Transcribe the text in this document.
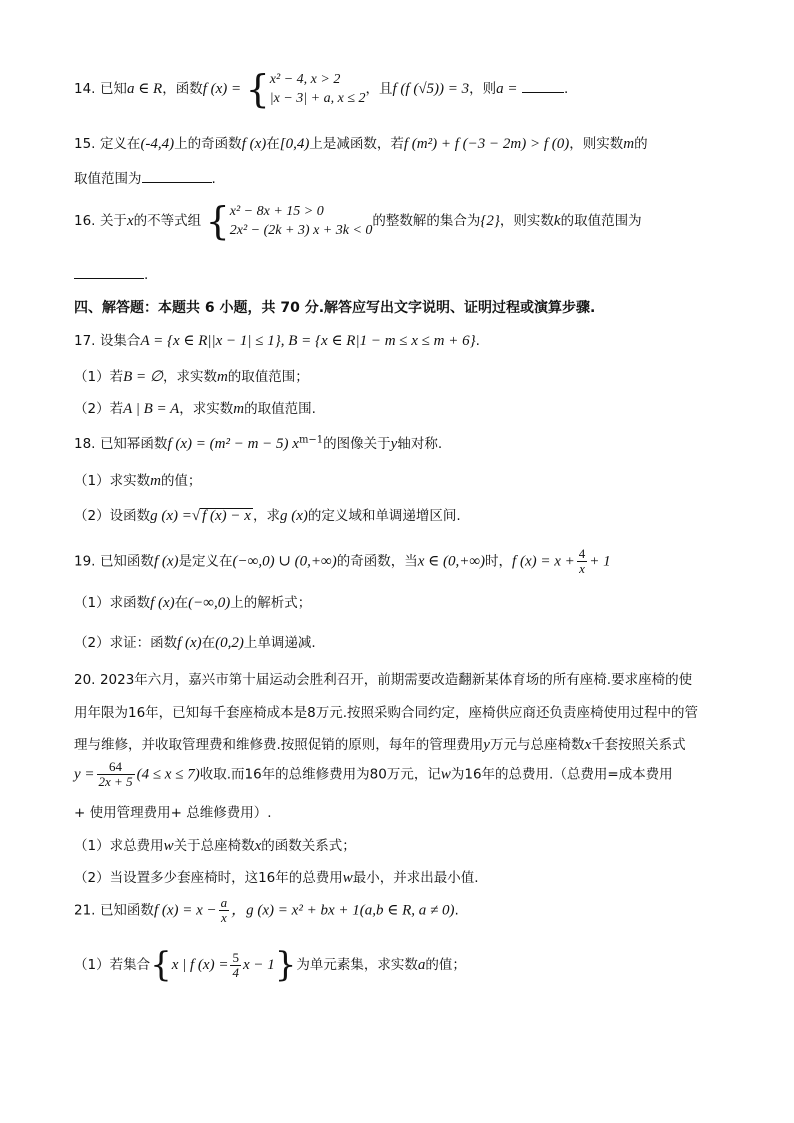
14. 已知a ∈ R，函数f (x) = { x² − 4, x > 2
|x − 3| + a, x ≤ 2
，且f (f (√5)) = 3，则a =	.
15. 定义在(-4,4)上的奇函数f (x)在[0,4)上是减函数，若f (m²) + f (−3 − 2m) > f (0)，则实数m的
取值范围为	.
16. 关于x的不等式组 { x² − 8x + 15 > 0
2x² − (2k + 3) x + 3k < 0
的整数解的集合为{2}，则实数k的取值范围为
.
四、解答题：本题共 6 小题，共 70 分.解答应写出文字说明、证明过程或演算步骤.
17. 设集合A = {x ∈ R||x − 1| ≤ 1}, B = {x ∈ R|1 − m ≤ x ≤ m + 6}.
（1）若B = ∅，求实数m的取值范围；
（2）若A | B = A，求实数m的取值范围.
18. 已知幂函数f (x) = (m² − m − 5) $x^{m-1}$的图像关于y轴对称.
（1）求实数m的值；
（2）设函数g (x) =√ f (x) − x ，求g (x)的定义域和单调递增区间.
19. 已知函数f (x)是定义在(−∞,0) ∪ (0,+∞)的奇函数，当x ∈ (0,+∞)时，f $(x) = x + \frac{4}{x} + 1$
（1）求函数f (x)在(−∞,0)上的解析式；
（2）求证：函数f (x)在(0,2)上单调递减.
20. 2023年六月，嘉兴市第十届运动会胜利召开，前期需要改造翻新某体育场的所有座椅.要求座椅的使
用年限为16年，已知每千套座椅成本是8万元.按照采购合同约定，座椅供应商还负责座椅使用过程中的管
理与维修，并收取管理费和维修费.按照促销的原则，每年的管理费用y万元与总座椅数x千套按照关系式
$y = \frac{64}{2x + 5} (4 \le x \le 7)$收取.而16年的总维修费用为80万元，记w为16年的总费用.（总费用=成本费用
+ 使用管理费用+ 总维修费用）.
（1）求总费用w关于总座椅数x的函数关系式；
（2）当设置多少套座椅时，这16年的总费用w最小，并求出最小值.
21. 已知函数f $(x) = x - \frac{a}{x}$ ，g (x) = x² + bx + 1(a,b ∈ R, a ≠ 0).
（1）若集合{x | f $(x) = \frac{5}{4}$ x − 1}为单元素集，求实数a的值；
